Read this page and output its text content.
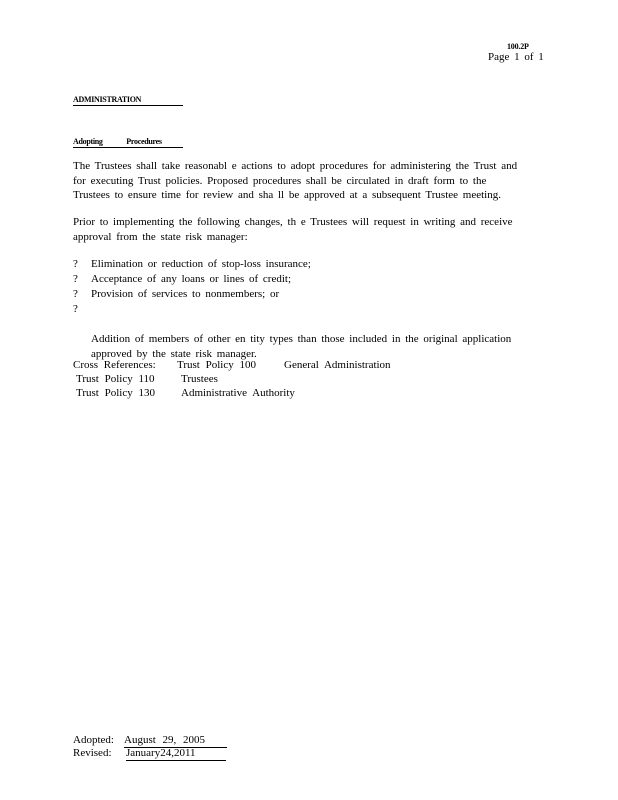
100.2P
Page 1 of 1
ADMINISTRATION
Adopting Procedures

The Trustees shall take reasonabl e actions to adopt procedures for administering the Trust and
for executing Trust policies. Proposed procedures shall be circulated in draft form to the
Trustees to ensure time for review and sha ll be approved at a subsequent Trustee meeting.

Prior to implementing the following changes, th e Trustees will request in writing and receive
approval from the state risk manager:

? Elimination or reduction of stop-loss insurance;
? Acceptance of any loans or lines of credit;
? Provision of services to nonmembers; or

?

Addition of members of other en tity types than those included in the original application
approved by the state risk manager.

Cross References: Trust Policy 100	General Administration
Trust Policy 110 Trustees
Trust Policy 130 Administrative Authority
Adopted: August 29, 2005
Revised: January24,2011
